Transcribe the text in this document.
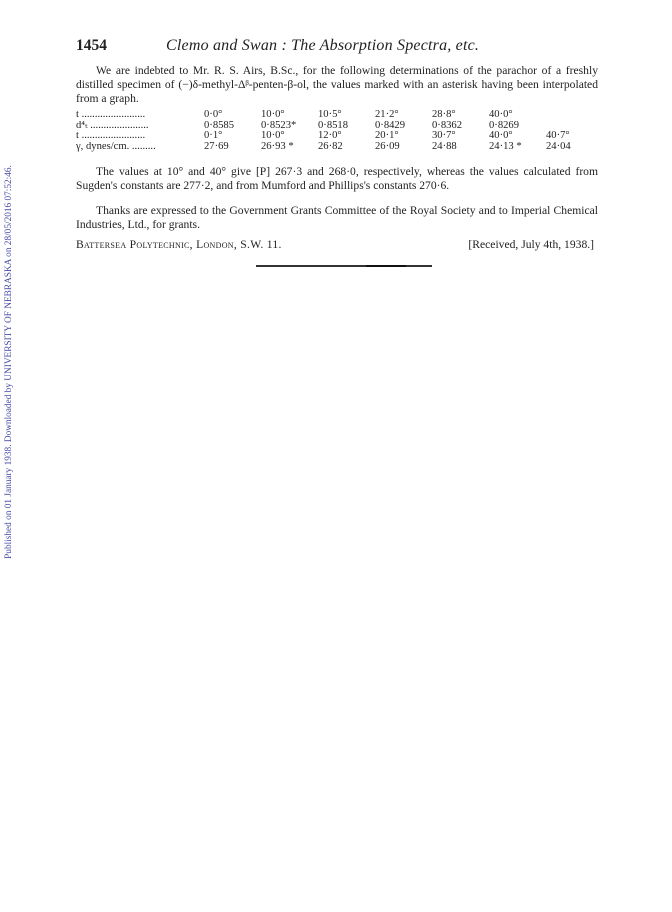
Published on 01 January 1938. Downloaded by UNIVERSITY OF NEBRASKA on 28/05/2016 07:52:46.
1454	Clemo and Swan : The Absorption Spectra, etc.

We are indebted to Mr. R. S. Airs, B.Sc., for the following determinations of the parachor of a freshly distilled specimen of (−)δ-methyl-Δᵝ-penten-β-ol, the values marked with an asterisk having been interpolated from a graph.

t ........................	0·0°	10·0°	10·5°	21·2°	28·8°	40·0°	
d⁴ₜ ......................	0·8585	0·8523*	0·8518	0·8429	0·8362	0·8269	
t ........................	0·1°	10·0°	12·0°	20·1°	30·7°	40·0°	40·7°
γ, dynes/cm. .........	27·69	26·93 *	26·82	26·09	24·88	24·13 *	24·04

The values at 10° and 40° give [P] 267·3 and 268·0, respectively, whereas the values calculated from Sugden's constants are 277·2, and from Mumford and Phillips's constants 270·6.

Thanks are expressed to the Government Grants Committee of the Royal Society and to Imperial Chemical Industries, Ltd., for grants.

Battersea Polytechnic, London, S.W. 11.	[Received, July 4th, 1938.]
